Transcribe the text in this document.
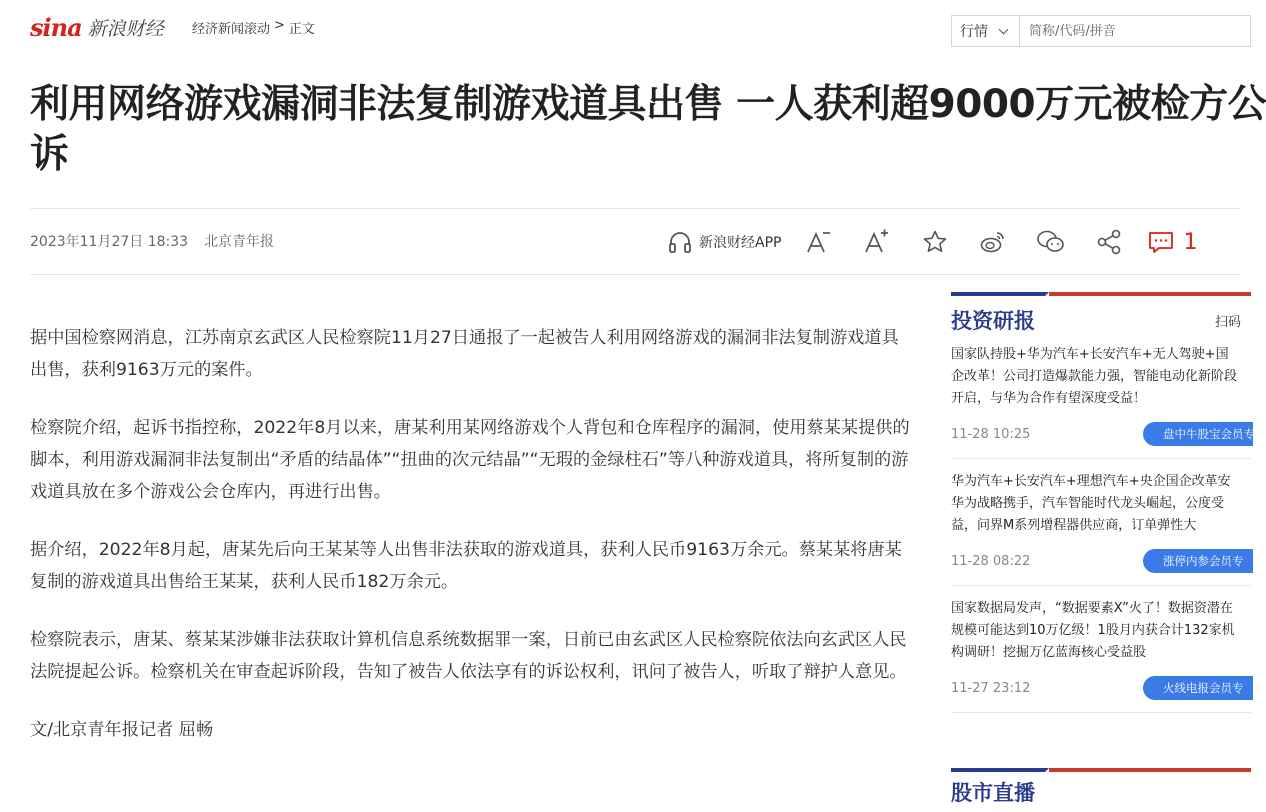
sina 新浪财经 经济新闻滚动 > 正文	行情
简称/代码/拼音
利用网络游戏漏洞非法复制游戏道具出售 一人获利超9000万元被检方公
诉
2023年11月27日 18:33 北京青年报	新浪财经APP	1

据中国检察网消息，江苏南京玄武区人民检察院11月27日通报了一起被告人利用网络游戏的漏洞非法复制游戏道具出售，获利9163万元的案件。

检察院介绍，起诉书指控称，2022年8月以来，唐某利用某网络游戏个人背包和仓库程序的漏洞，使用蔡某某提供的脚本，利用游戏漏洞非法复制出“矛盾的结晶体”“扭曲的次元结晶”“无瑕的金绿柱石”等八种游戏道具，将所复制的游戏道具放在多个游戏公会仓库内，再进行出售。

据介绍，2022年8月起，唐某先后向王某某等人出售非法获取的游戏道具，获利人民币9163万余元。蔡某某将唐某复制的游戏道具出售给王某某，获利人民币182万余元。

检察院表示，唐某、蔡某某涉嫌非法获取计算机信息系统数据罪一案，日前已由玄武区人民检察院依法向玄武区人民法院提起公诉。检察机关在审查起诉阶段，告知了被告人依法享有的诉讼权利，讯问了被告人，听取了辩护人意见。

文/北京青年报记者 屈畅

投资研报	扫码
国家队持股+华为汽车+长安汽车+无人驾驶+国企改革！公司打造爆款能力强，智能电动化新阶段开启，与华为合作有望深度受益！
11-28 10:25	盘中牛股宝会员专
华为汽车+长安汽车+理想汽车+央企国企改革安华为战略携手，汽车智能时代龙头崛起，公度受益，问界M系列增程器供应商，订单弹性大
11-28 08:22	涨停内参会员专
国家数据局发声，“数据要素X”火了！数据资潜在规模可能达到10万亿级！1股月内获合计132家机构调研！挖掘万亿蓝海核心受益股
11-27 23:12	火线电报会员专
股市直播
